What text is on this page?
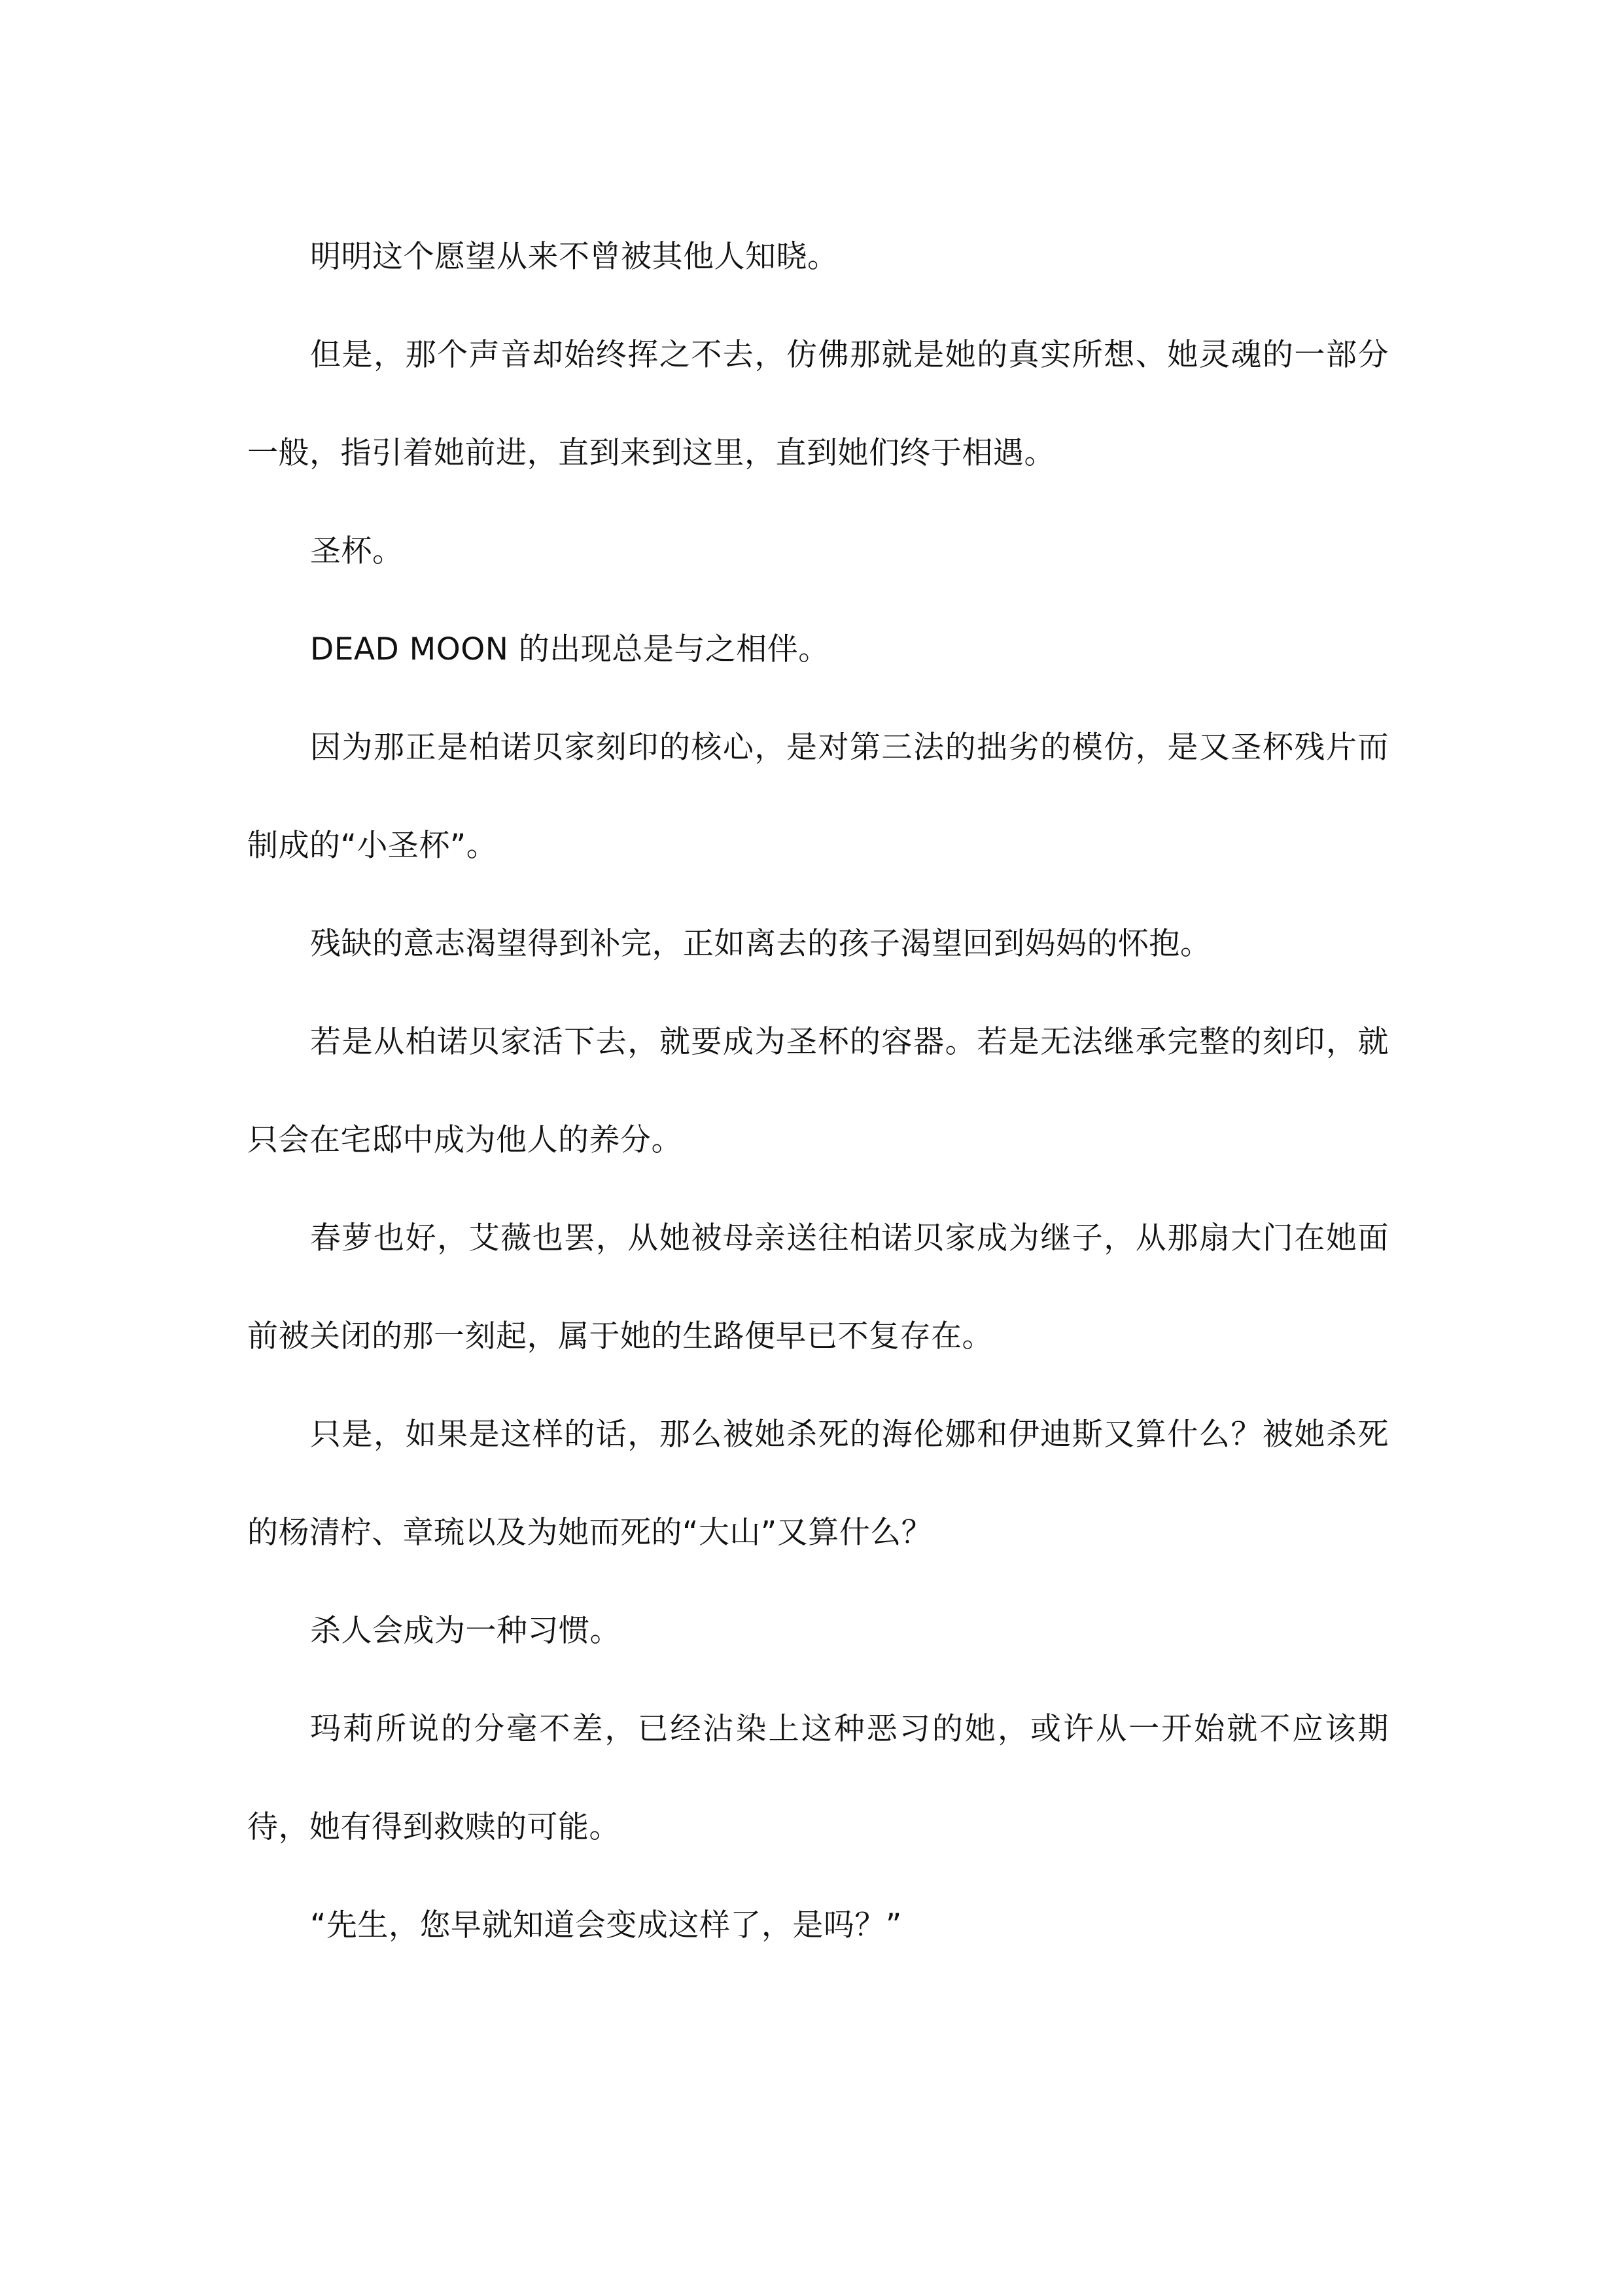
明明这个愿望从来不曾被其他人知晓。

但是，那个声音却始终挥之不去，仿佛那就是她的真实所想、她灵魂的一部分一般，指引着她前进，直到来到这里，直到她们终于相遇。

圣杯。

DEAD MOON 的出现总是与之相伴。

因为那正是柏诺贝家刻印的核心，是对第三法的拙劣的模仿，是又圣杯残片而制成的“小圣杯”。

残缺的意志渴望得到补完，正如离去的孩子渴望回到妈妈的怀抱。

若是从柏诺贝家活下去，就要成为圣杯的容器。若是无法继承完整的刻印，就只会在宅邸中成为他人的养分。

春萝也好，艾薇也罢，从她被母亲送往柏诺贝家成为继子，从那扇大门在她面前被关闭的那一刻起，属于她的生路便早已不复存在。

只是，如果是这样的话，那么被她杀死的海伦娜和伊迪斯又算什么？被她杀死的杨清柠、章琉以及为她而死的“大山”又算什么？

杀人会成为一种习惯。

玛莉所说的分毫不差，已经沾染上这种恶习的她，或许从一开始就不应该期待，她有得到救赎的可能。

“先生，您早就知道会变成这样了，是吗？”
